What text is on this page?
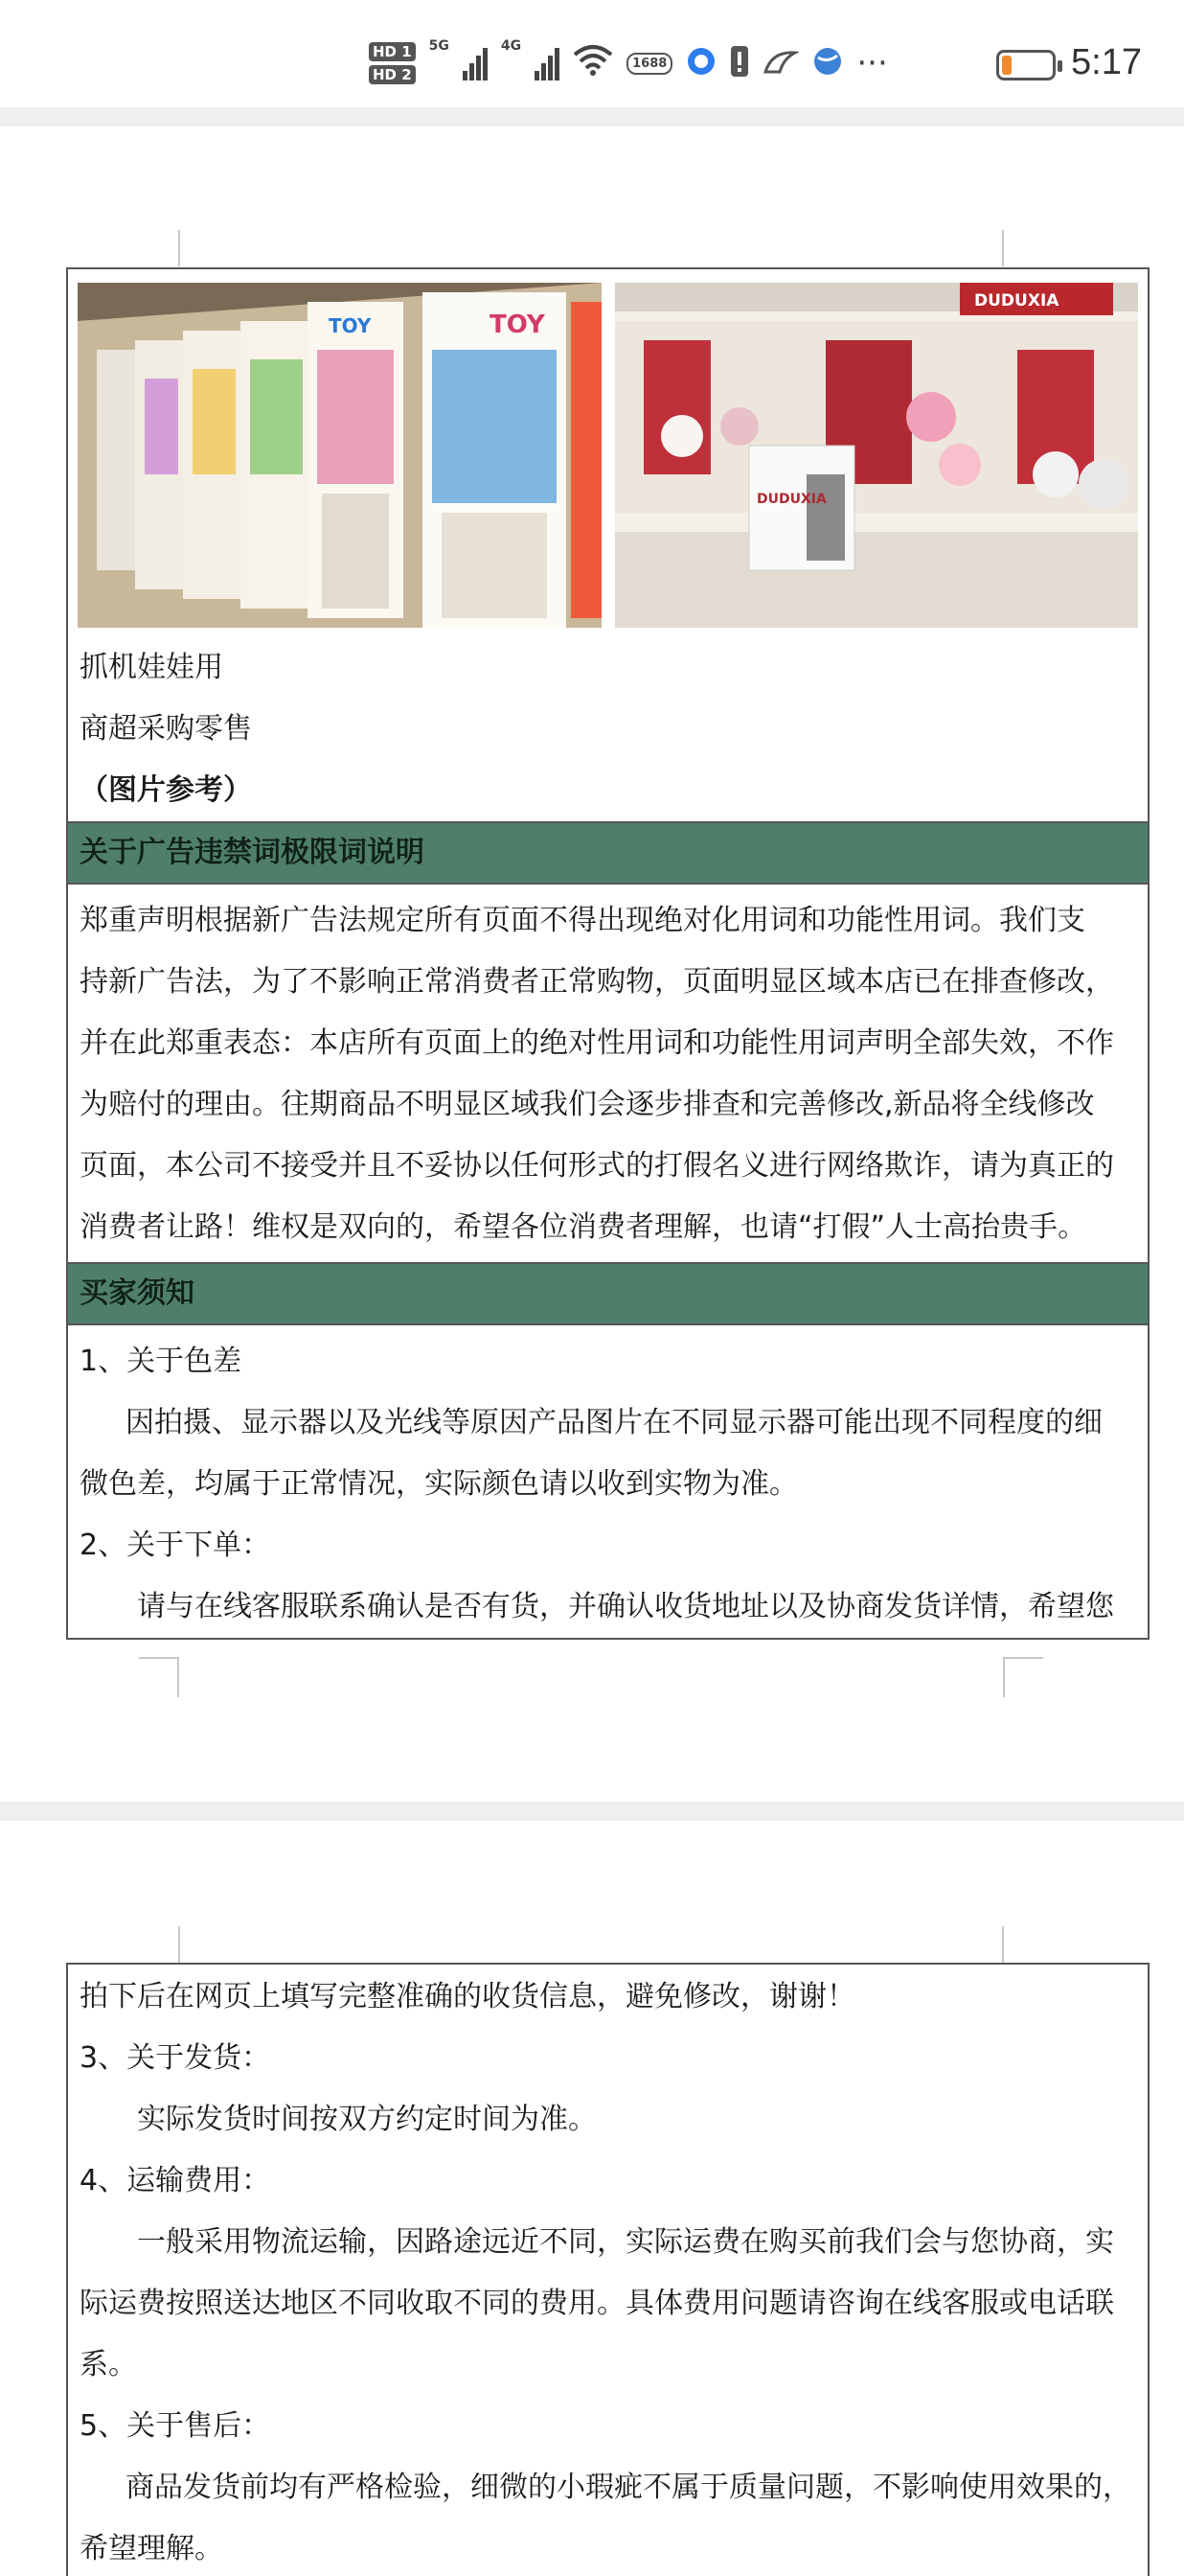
HD 1
HD 2
5G	4G
1688	···	5:17
TOY
TOY
DUDUXIA
DUDUXIA
抓机娃娃用
商超采购零售
（图片参考）
关于广告违禁词极限词说明
郑重声明根据新广告法规定所有页面不得出现绝对化用词和功能性用词。我们支
持新广告法，为了不影响正常消费者正常购物，页面明显区域本店已在排查修改，
并在此郑重表态：本店所有页面上的绝对性用词和功能性用词声明全部失效，不作
为赔付的理由。往期商品不明显区域我们会逐步排查和完善修改,新品将全线修改
页面，本公司不接受并且不妥协以任何形式的打假名义进行网络欺诈，请为真正的
消费者让路！维权是双向的，希望各位消费者理解，也请“打假”人士高抬贵手。
买家须知
1、关于色差
因拍摄、显示器以及光线等原因产品图片在不同显示器可能出现不同程度的细
微色差，均属于正常情况，实际颜色请以收到实物为准。
2、关于下单：
请与在线客服联系确认是否有货，并确认收货地址以及协商发货详情，希望您
拍下后在网页上填写完整准确的收货信息，避免修改，谢谢！
3、关于发货：
实际发货时间按双方约定时间为准。
4、运输费用：
一般采用物流运输，因路途远近不同，实际运费在购买前我们会与您协商，实
际运费按照送达地区不同收取不同的费用。具体费用问题请咨询在线客服或电话联
系。
5、关于售后：
商品发货前均有严格检验，细微的小瑕疵不属于质量问题，不影响使用效果的，
希望理解。
